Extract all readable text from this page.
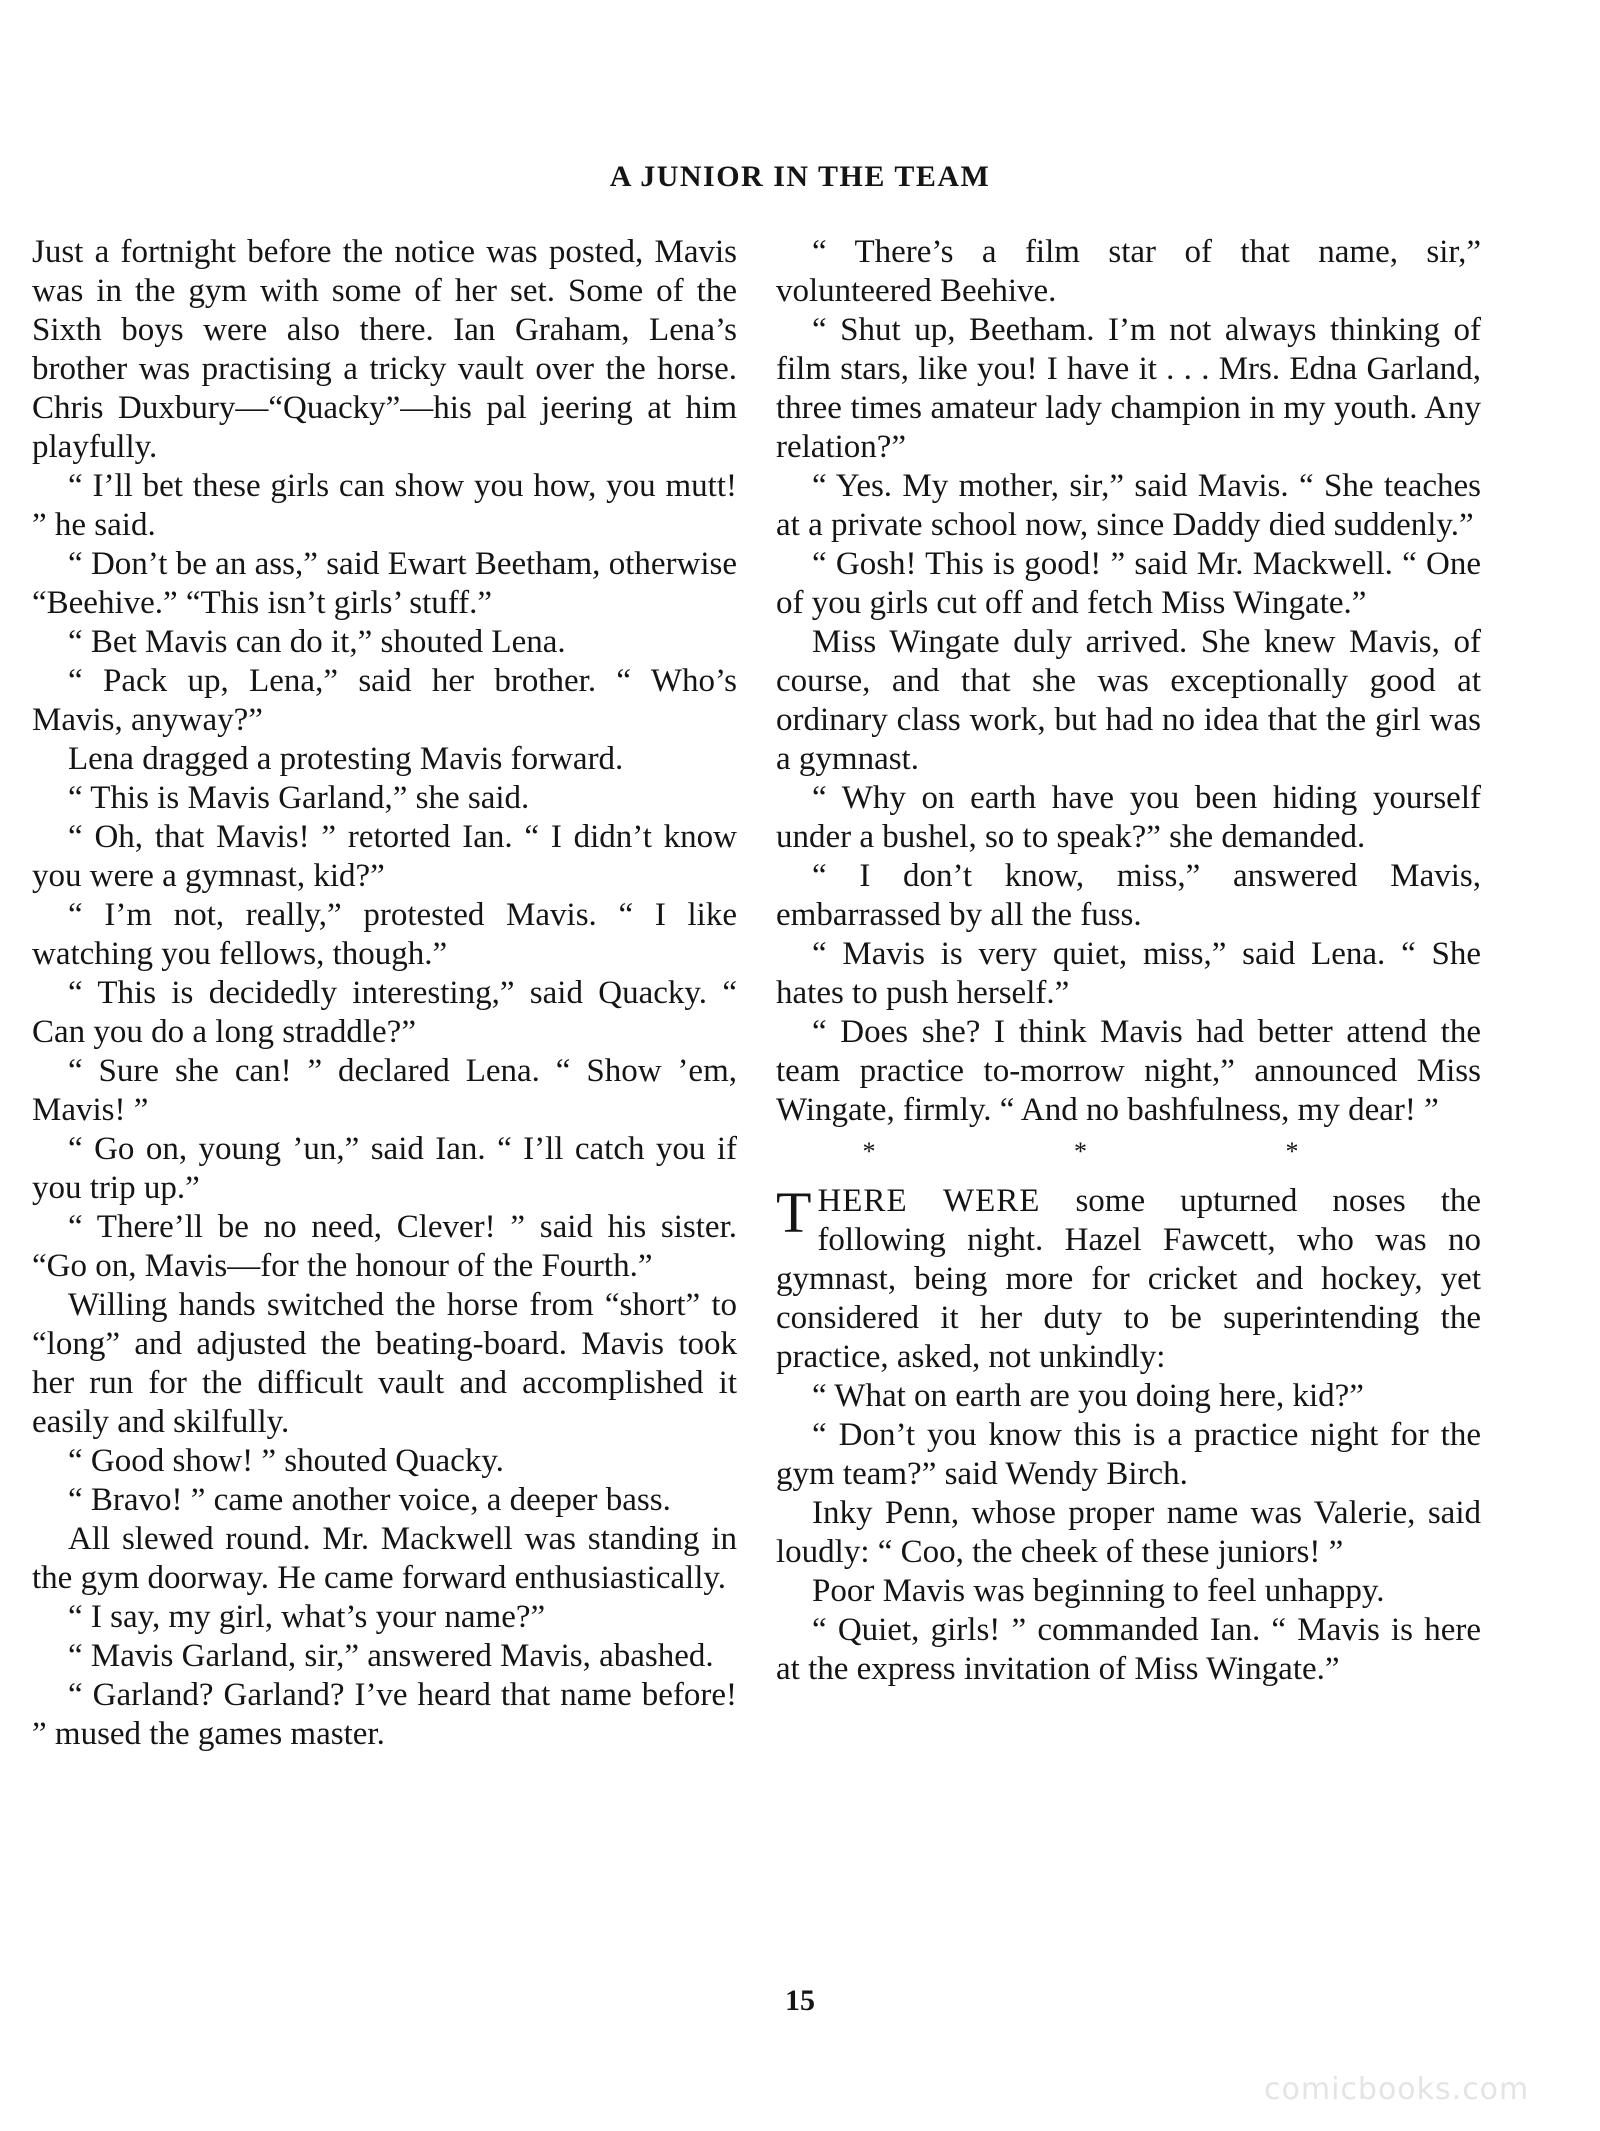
A JUNIOR IN THE TEAM

Just a fortnight before the notice was posted, Mavis was in the gym with some of her set. Some of the Sixth boys were also there. Ian Graham, Lena’s brother was practising a tricky vault over the horse. Chris Duxbury—“Quacky”—his pal jeering at him playfully.

“ I’ll bet these girls can show you how, you mutt! ” he said.

“ Don’t be an ass,” said Ewart Beetham, otherwise “Beehive.” “This isn’t girls’ stuff.”

“ Bet Mavis can do it,” shouted Lena.

“ Pack up, Lena,” said her brother. “ Who’s Mavis, anyway?”

Lena dragged a protesting Mavis forward.

“ This is Mavis Garland,” she said.

“ Oh, that Mavis! ” retorted Ian. “ I didn’t know you were a gymnast, kid?”

“ I’m not, really,” protested Mavis. “ I like watching you fellows, though.”

“ This is decidedly interesting,” said Quacky. “ Can you do a long straddle?”

“ Sure she can! ” declared Lena. “ Show ’em, Mavis! ”

“ Go on, young ’un,” said Ian. “ I’ll catch you if you trip up.”

“ There’ll be no need, Clever! ” said his sister. “Go on, Mavis—for the honour of the Fourth.”

Willing hands switched the horse from “short” to “long” and adjusted the beating-board. Mavis took her run for the difficult vault and accomplished it easily and skilfully.

“ Good show! ” shouted Quacky.

“ Bravo! ” came another voice, a deeper bass.

All slewed round. Mr. Mackwell was standing in the gym doorway. He came forward enthusiastically.

“ I say, my girl, what’s your name?”

“ Mavis Garland, sir,” answered Mavis, abashed.

“ Garland? Garland? I’ve heard that name before! ” mused the games master.

“ There’s a film star of that name, sir,” volunteered Beehive.

“ Shut up, Beetham. I’m not always thinking of film stars, like you! I have it . . . Mrs. Edna Garland, three times amateur lady champion in my youth. Any relation?”

“ Yes. My mother, sir,” said Mavis. “ She teaches at a private school now, since Daddy died suddenly.”

“ Gosh! This is good! ” said Mr. Mackwell. “ One of you girls cut off and fetch Miss Wingate.”

Miss Wingate duly arrived. She knew Mavis, of course, and that she was exceptionally good at ordinary class work, but had no idea that the girl was a gymnast.

“ Why on earth have you been hiding yourself under a bushel, so to speak?” she demanded.

“ I don’t know, miss,” answered Mavis, embarrassed by all the fuss.

“ Mavis is very quiet, miss,” said Lena. “ She hates to push herself.”

“ Does she? I think Mavis had better attend the team practice to-morrow night,” announced Miss Wingate, firmly. “ And no bashfulness, my dear! ”

* * *

THERE WERE some upturned noses the following night. Hazel Fawcett, who was no gymnast, being more for cricket and hockey, yet considered it her duty to be superintending the practice, asked, not unkindly:

“ What on earth are you doing here, kid?”

“ Don’t you know this is a practice night for the gym team?” said Wendy Birch.

Inky Penn, whose proper name was Valerie, said loudly: “ Coo, the cheek of these juniors! ”

Poor Mavis was beginning to feel unhappy.

“ Quiet, girls! ” commanded Ian. “ Mavis is here at the express invitation of Miss Wingate.”

15
comicbooks.com
